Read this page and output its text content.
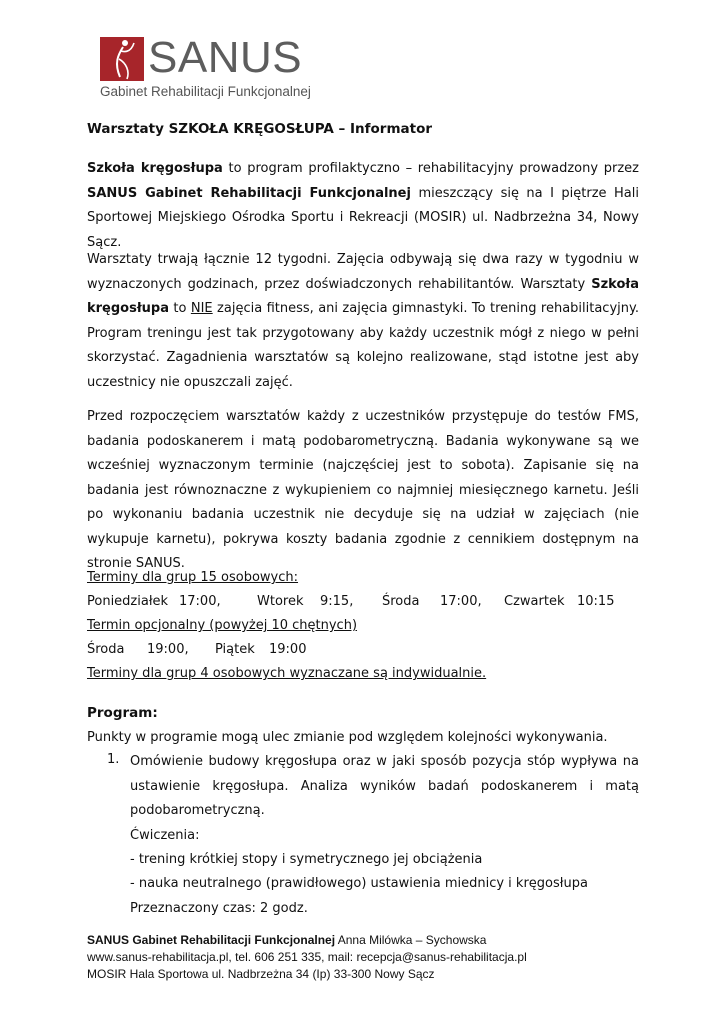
SANUS
Gabinet Rehabilitacji Funkcjonalnej
Warsztaty SZKOŁA KRĘGOSŁUPA – Informator

Szkoła kręgosłupa to program profilaktyczno – rehabilitacyjny prowadzony przez SANUS Gabinet Rehabilitacji Funkcjonalnej mieszczący się na I piętrze Hali Sportowej Miejskiego Ośrodka Sportu i Rekreacji (MOSIR) ul. Nadbrzeżna 34, Nowy Sącz.

Warsztaty trwają łącznie 12 tygodni. Zajęcia odbywają się dwa razy w tygodniu w wyznaczonych godzinach, przez doświadczonych rehabilitantów. Warsztaty Szkoła kręgosłupa to NIE zajęcia fitness, ani zajęcia gimnastyki. To trening rehabilitacyjny. Program treningu jest tak przygotowany aby każdy uczestnik mógł z niego w pełni skorzystać. Zagadnienia warsztatów są kolejno realizowane, stąd istotne jest aby uczestnicy nie opuszczali zajęć.

Przed rozpoczęciem warsztatów każdy z uczestników przystępuje do testów FMS, badania podoskanerem i matą podobarometryczną. Badania wykonywane są we wcześniej wyznaczonym terminie (najczęściej jest to sobota). Zapisanie się na badania jest równoznaczne z wykupieniem co najmniej miesięcznego karnetu. Jeśli po wykonaniu badania uczestnik nie decyduje się na udział w zajęciach (nie wykupuje karnetu), pokrywa koszty badania zgodnie z cennikiem dostępnym na stronie SANUS.

Terminy dla grup 15 osobowych:
Poniedziałek 17:00,	Wtorek	9:15,	Środa	17:00,	Czwartek 10:15
Termin opcjonalny (powyżej 10 chętnych)
Środa	19:00,	Piątek	19:00
Terminy dla grup 4 osobowych wyznaczane są indywidualnie.
Program:
Punkty w programie mogą ulec zmianie pod względem kolejności wykonywania.
1. Omówienie budowy kręgosłupa oraz w jaki sposób pozycja stóp wypływa na ustawienie kręgosłupa. Analiza wyników badań podoskanerem i matą podobarometryczną.

Ćwiczenia:

- trening krótkiej stopy i symetrycznego jej obciążenia

- nauka neutralnego (prawidłowego) ustawienia miednicy i kręgosłupa

Przeznaczony czas: 2 godz.

SANUS Gabinet Rehabilitacji Funkcjonalnej Anna Milówka – Sychowska
www.sanus-rehabilitacja.pl, tel. 606 251 335, mail: recepcja@sanus-rehabilitacja.pl
MOSIR Hala Sportowa ul. Nadbrzeżna 34 (Ip) 33-300 Nowy Sącz
